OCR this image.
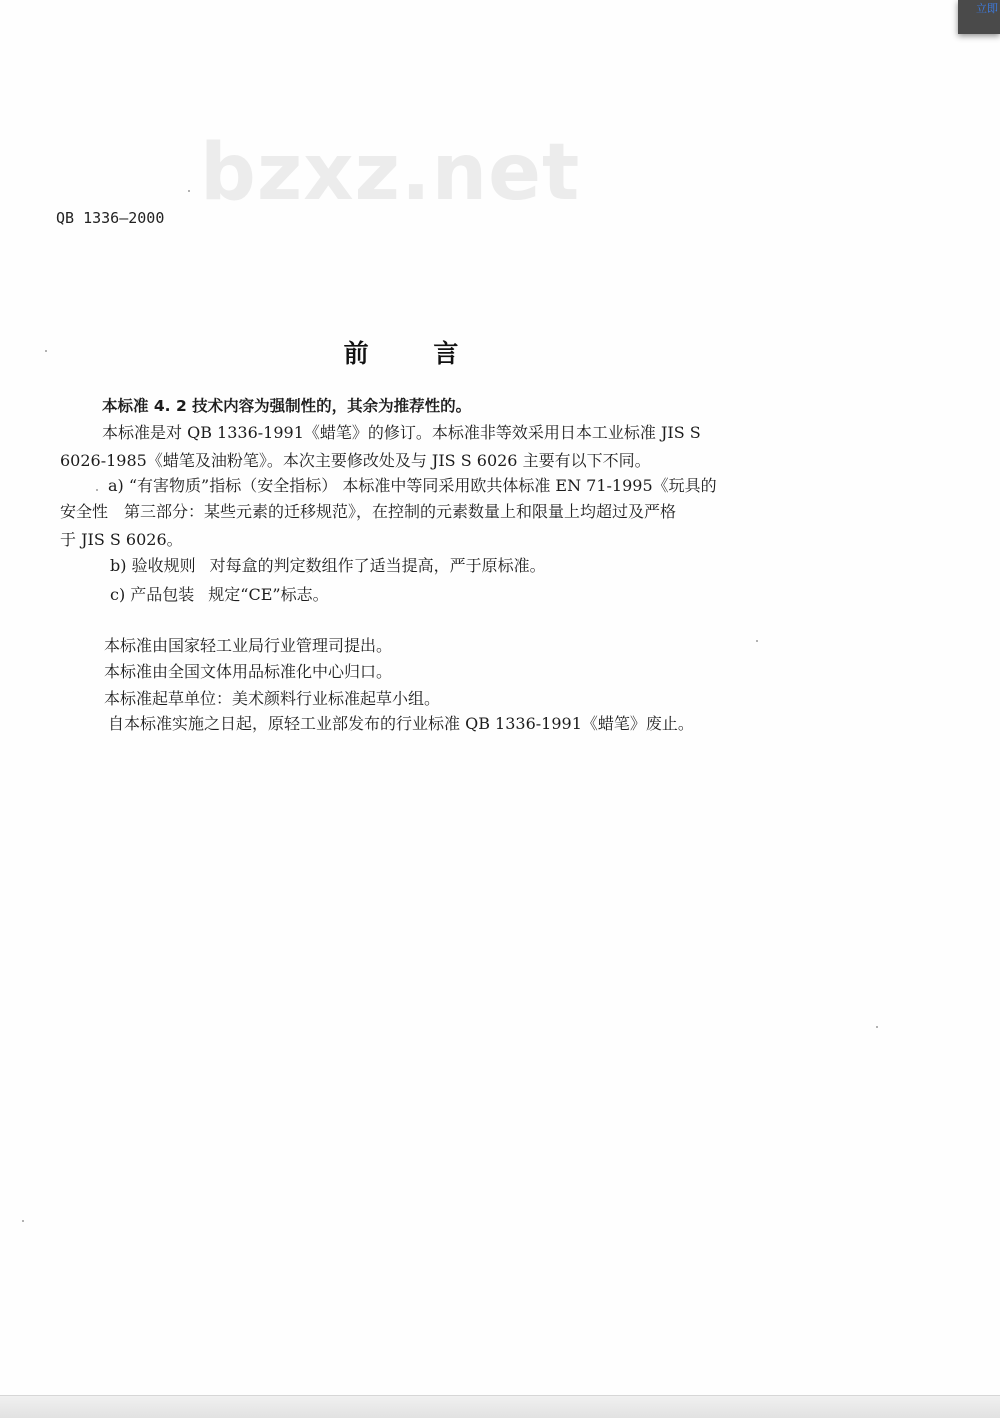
立即
bzxz.net
QB 1336—2000
前 言
本标准 4. 2 技术内容为强制性的，其余为推荐性的。
本标准是对 QB 1336-1991《蜡笔》的修订。本标准非等效采用日本工业标准 JIS S
6026-1985《蜡笔及油粉笔》。本次主要修改处及与 JIS S 6026 主要有以下不同。
a) “有害物质”指标（安全指标） 本标准中等同采用欧共体标准 EN 71-1995《玩具的
安全性　第三部分：某些元素的迁移规范》，在控制的元素数量上和限量上均超过及严格
于 JIS S 6026。
b) 验收规则 对每盒的判定数组作了适当提高，严于原标准。
c) 产品包装 规定“CE”标志。
本标准由国家轻工业局行业管理司提出。
本标准由全国文体用品标准化中心归口。
本标准起草单位：美术颜料行业标准起草小组。
自本标准实施之日起，原轻工业部发布的行业标准 QB 1336-1991《蜡笔》废止。
